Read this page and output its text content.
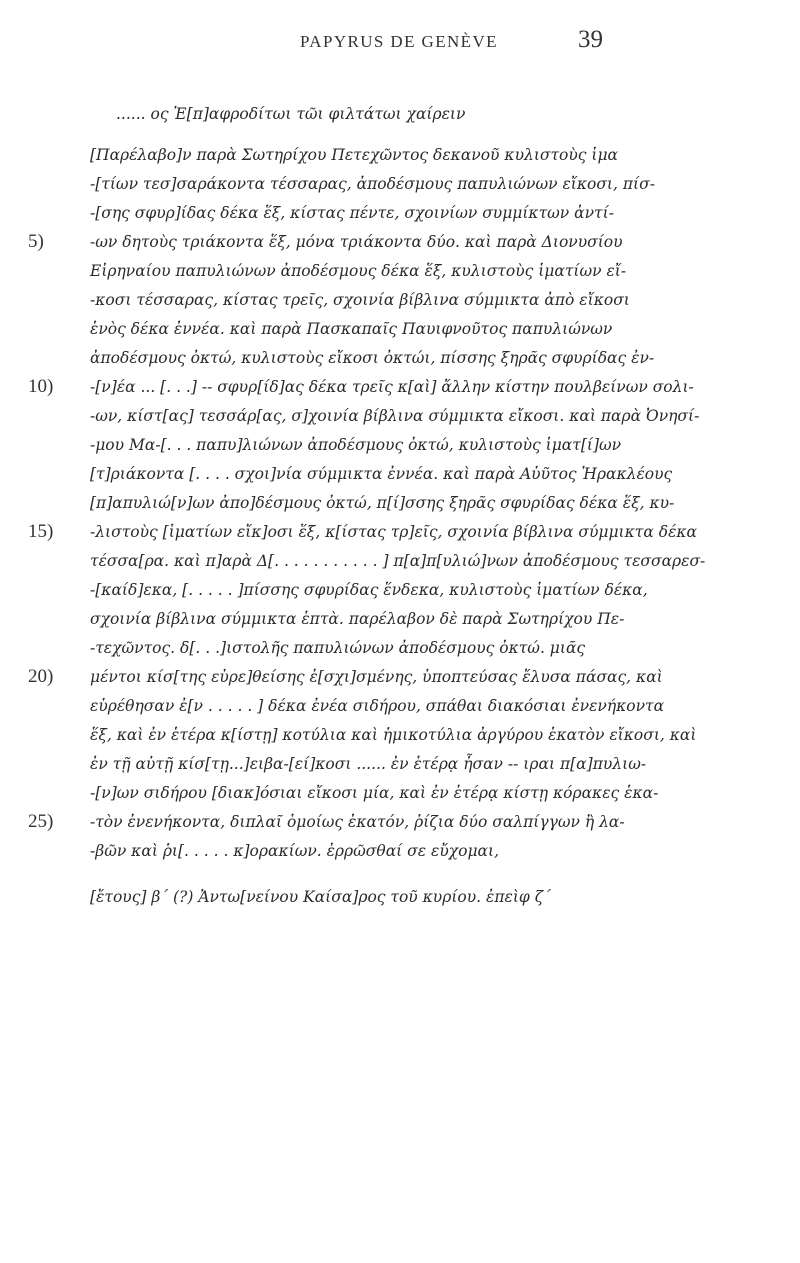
PAPYRUS DE GENÈVE	39
...... ος Ἐ[π]αφροδίτωι τῶι φιλτάτωι χαίρειν
[Παρέλαβο]ν παρὰ Σωτηρίχου Πετεχῶντος δεκανοῦ κυλιστοὺς ἱμα
-[τίων τεσ]σαράκοντα τέσσαρας, ἀποδέσμους παπυλιώνων εἴκοσι, πίσ-
-[σης σφυρ]ίδας δέκα ἕξ, κίστας πέντε, σχοινίων συμμίκτων ἀντί-
5)	-ων δητοὺς τριάκοντα ἕξ, μόνα τριάκοντα δύο. καὶ παρὰ Διονυσίου
Εἰρηναίου παπυλιώνων ἀποδέσμους δέκα ἕξ, κυλιστοὺς ἱματίων εἴ-
-κοσι τέσσαρας, κίστας τρεῖς, σχοινία βίβλινα σύμμικτα ἀπὸ εἴκοσι
ἑνὸς δέκα ἐννέα. καὶ παρὰ Πασκαπαῖς Παυιφνοῦτος παπυλιώνων
ἀποδέσμους ὀκτώ, κυλιστοὺς εἴκοσι ὀκτώι, πίσσης ξηρᾶς σφυρίδας ἐν-
10)	-[ν]έα ... [. . .] -- σφυρ[ίδ]ας δέκα τρεῖς κ[αὶ] ἄλλην κίστην πουλβείνων σολι-
-ων, κίστ[ας] τεσσάρ[ας, σ]χοινία βίβλινα σύμμικτα εἴκοσι. καὶ παρὰ Ὀνησί-
-μου Μα-[. . . παπυ]λιώνων ἀποδέσμους ὀκτώ, κυλιστοὺς ἱματ[ί]ων
[τ]ριάκοντα [. . . . σχοι]νία σύμμικτα ἐννέα. καὶ παρὰ Αὐῦτος Ἡρακλέους
[π]απυλιώ[ν]ων ἀπο]δέσμους ὀκτώ, π[ί]σσης ξηρᾶς σφυρίδας δέκα ἕξ, κυ-
15)	-λιστοὺς [ἱματίων εἴκ]οσι ἕξ, κ[ίστας τρ]εῖς, σχοινία βίβλινα σύμμικτα δέκα
τέσσα[ρα. καὶ π]αρὰ Δ[. . . . . . . . . . . ] π[α]π[υλιώ]νων ἀποδέσμους τεσσαρεσ-
-[καίδ]εκα, [. . . . . ]πίσσης σφυρίδας ἕνδεκα, κυλιστοὺς ἱματίων δέκα,
σχοινία βίβλινα σύμμικτα ἑπτὰ. παρέλαβον δὲ παρὰ Σωτηρίχου Πε-
-τεχῶντος. δ[. . .]ιστολῆς παπυλιώνων ἀποδέσμους ὀκτώ. μιᾶς
20)	μέντοι κίσ[της εὑρε]θείσης ἐ[σχι]σμένης, ὑποπτεύσας ἔλυσα πάσας, καὶ
εὑρέθησαν ἐ[ν . . . . . ] δέκα ἐνέα σιδήρου, σπάθαι διακόσιαι ἐνενήκοντα
ἕξ, καὶ ἐν ἑτέρα κ[ίστῃ] κοτύλια καὶ ἡμικοτύλια ἀργύρου ἑκατὸν εἴκοσι, καὶ
ἐν τῇ αὐτῇ κίσ[τῃ...]ειβα-[εί]κοσι ...... ἐν ἑτέρᾳ ἦσαν -- ιραι π[α]πυλιω-
-[ν]ων σιδήρου [διακ]όσιαι εἴκοσι μία, καὶ ἐν ἑτέρᾳ κίστῃ κόρακες ἑκα-
25)	-τὸν ἐνενήκοντα, διπλαῖ ὁμοίως ἑκατόν, ῥίζια δύο σαλπίγγων ἢ λα-
-βῶν καὶ ῥι[. . . . . κ]ορακίων. ἐρρῶσθαί σε εὔχομαι,
[ἔτους] β΄ (?) Ἀντω[νείνου Καίσα]ρος τοῦ κυρίου. ἐπεὶφ ζ΄
